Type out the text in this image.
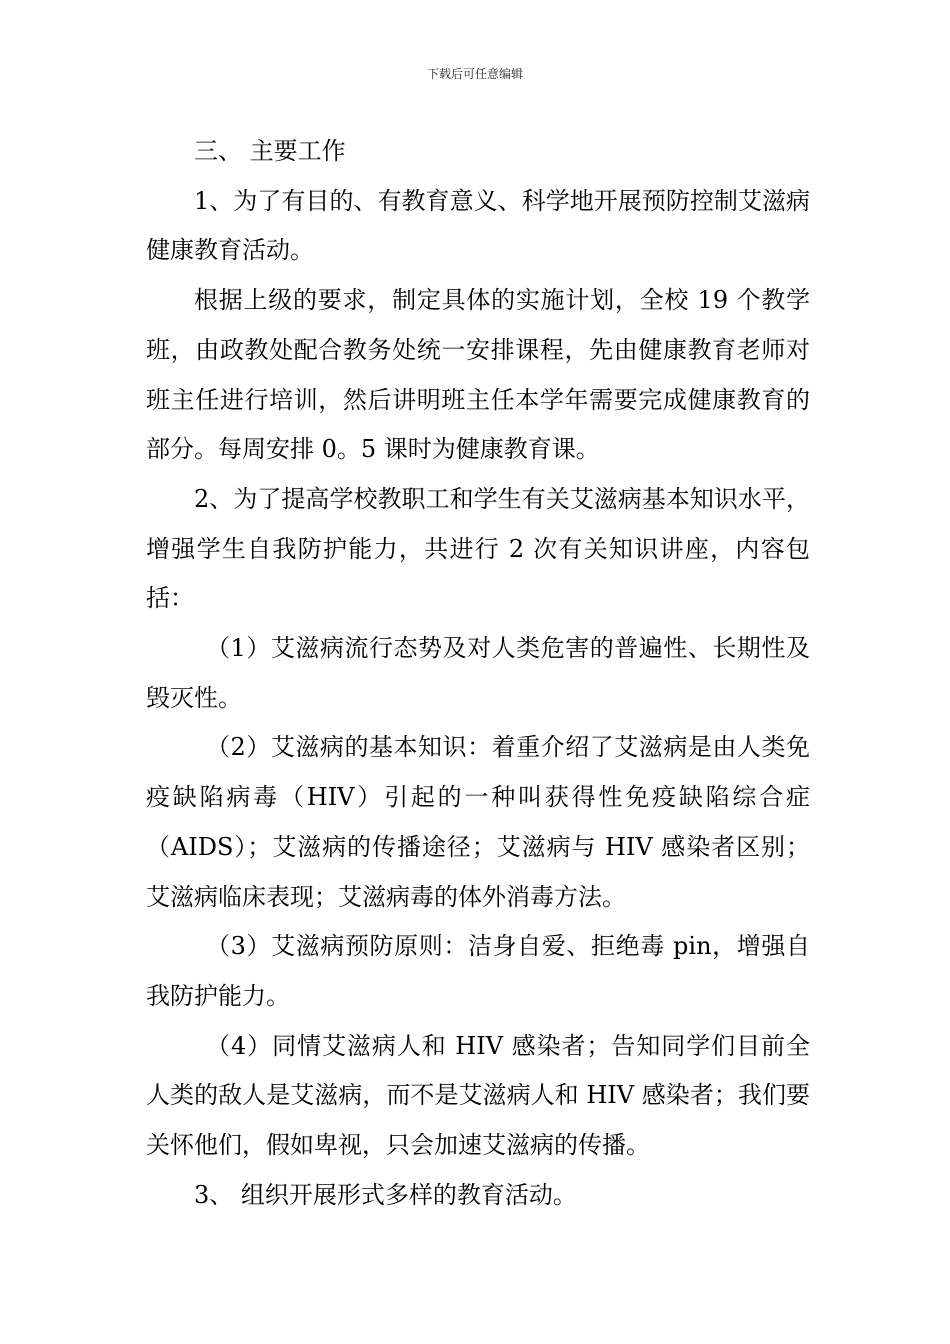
下载后可任意编辑

三、 主要工作

1、为了有目的、有教育意义、科学地开展预防控制艾滋病健康教育活动。

根据上级的要求，制定具体的实施计划，全校 19 个教学班，由政教处配合教务处统一安排课程，先由健康教育老师对班主任进行培训，然后讲明班主任本学年需要完成健康教育的部分。每周安排 0。5 课时为健康教育课。

2、为了提高学校教职工和学生有关艾滋病基本知识水平，增强学生自我防护能力，共进行 2 次有关知识讲座，内容包括：

（1）艾滋病流行态势及对人类危害的普遍性、长期性及毁灭性。

（2）艾滋病的基本知识：着重介绍了艾滋病是由人类免疫缺陷病毒（HIV）引起的一种叫获得性免疫缺陷综合症（AIDS）；艾滋病的传播途径；艾滋病与 HIV 感染者区别；艾滋病临床表现；艾滋病毒的体外消毒方法。

（3）艾滋病预防原则：洁身自爱、拒绝毒 pin，增强自我防护能力。

（4）同情艾滋病人和 HIV 感染者；告知同学们目前全人类的敌人是艾滋病，而不是艾滋病人和 HIV 感染者；我们要关怀他们，假如卑视，只会加速艾滋病的传播。

3、 组织开展形式多样的教育活动。
